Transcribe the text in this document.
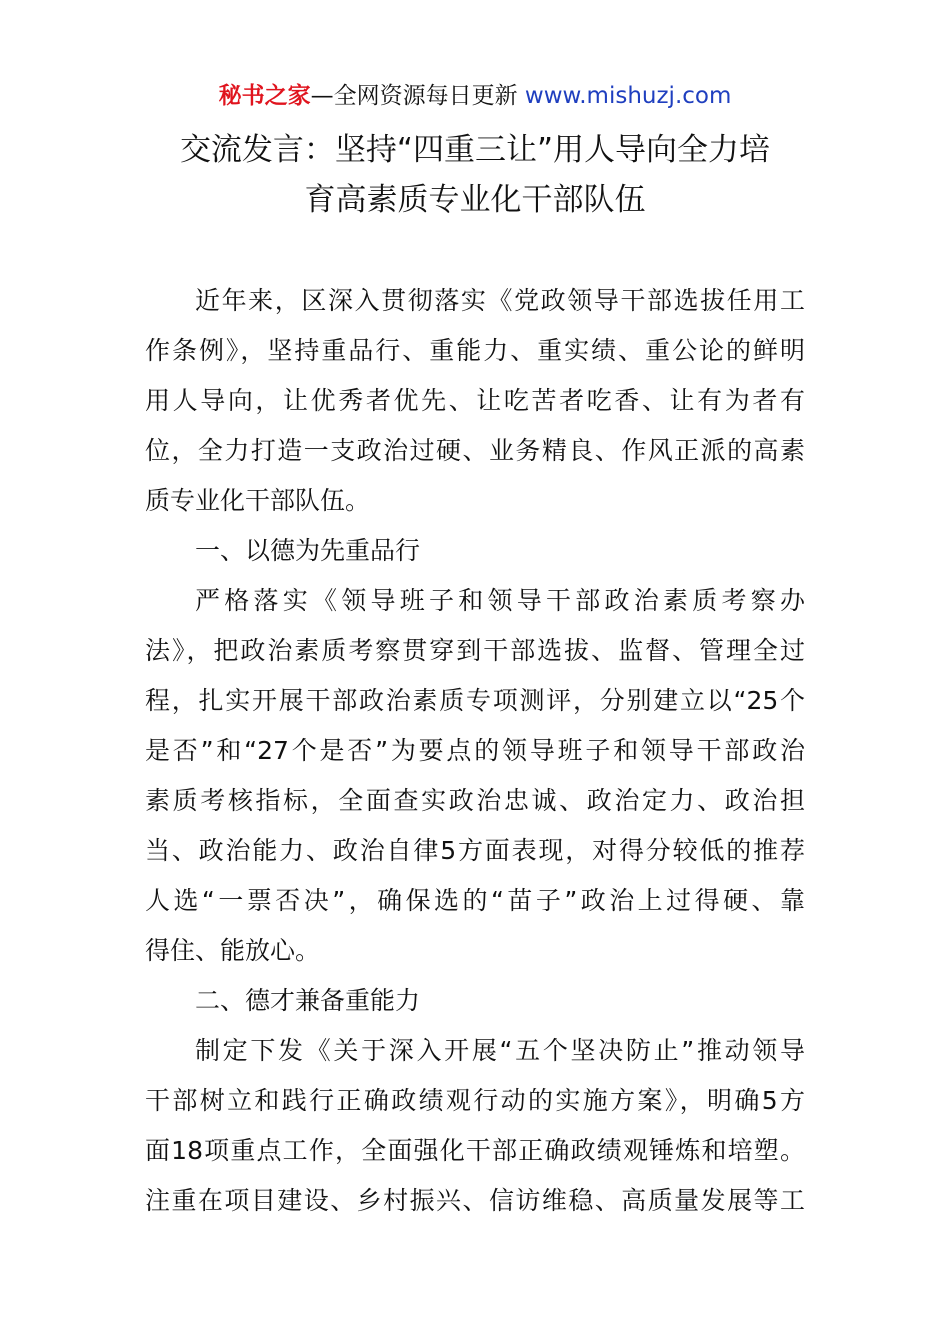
秘书之家—全网资源每日更新 www.mishuzj.com
交流发言：坚持“四重三让”用人导向全力培
育高素质专业化干部队伍
近年来，区深入贯彻落实《党政领导干部选拔任用工
作条例》，坚持重品行、重能力、重实绩、重公论的鲜明
用人导向，让优秀者优先、让吃苦者吃香、让有为者有
位，全力打造一支政治过硬、业务精良、作风正派的高素
质专业化干部队伍。
一、以德为先重品行
严格落实《领导班子和领导干部政治素质考察办
法》，把政治素质考察贯穿到干部选拔、监督、管理全过
程，扎实开展干部政治素质专项测评，分别建立以“25个
是否”和“27个是否”为要点的领导班子和领导干部政治
素质考核指标，全面查实政治忠诚、政治定力、政治担
当、政治能力、政治自律5方面表现，对得分较低的推荐
人选“一票否决”，确保选的“苗子”政治上过得硬、靠
得住、能放心。
二、德才兼备重能力
制定下发《关于深入开展“五个坚决防止”推动领导
干部树立和践行正确政绩观行动的实施方案》，明确5方
面18项重点工作，全面强化干部正确政绩观锤炼和培塑。
注重在项目建设、乡村振兴、信访维稳、高质量发展等工
